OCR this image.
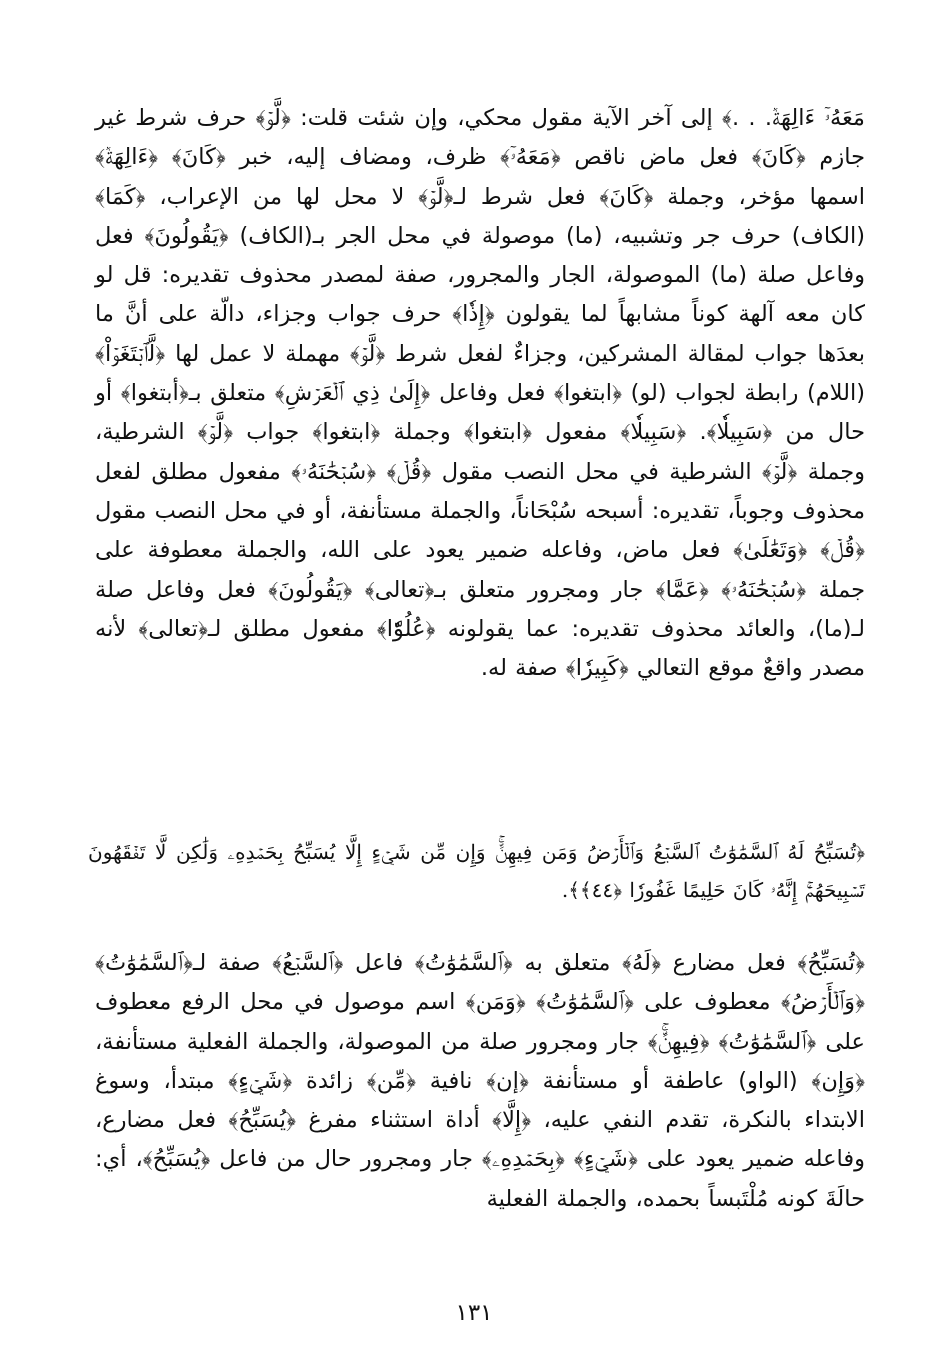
مَعَهُۥٓ ءَالِهَةٞ. . .﴾ إلى آخر الآية مقول محكي، وإن شئت قلت: ﴿لَّوۡ﴾ حرف شرط غير جازم ﴿كَانَ﴾ فعل ماض ناقص ﴿مَعَهُۥٓ﴾ ظرف، ومضاف إليه، خبر ﴿كَانَ﴾ ﴿ءَالِهَةٞ﴾ اسمها مؤخر، وجملة ﴿كَانَ﴾ فعل شرط لـ﴿لَّوۡ﴾ لا محل لها من الإعراب، ﴿كَمَا﴾ (الكاف) حرف جر وتشبيه، (ما) موصولة في محل الجر بـ(الكاف) ﴿يَقُولُونَ﴾ فعل وفاعل صلة (ما) الموصولة، الجار والمجرور، صفة لمصدر محذوف تقديره: قل لو كان معه آلهة كوناً مشابهاً لما يقولون ﴿إِذٗا﴾ حرف جواب وجزاء، دالّة على أنَّ ما بعدَها جواب لمقالة المشركين، وجزاءٌ لفعل شرط ﴿لَّوۡ﴾ مهملة لا عمل لها ﴿لَّٱبۡتَغَوۡاْ﴾ (اللام) رابطة لجواب (لو) ﴿ابتغوا﴾ فعل وفاعل ﴿إِلَىٰ ذِي ٱلۡعَرۡشِ﴾ متعلق بـ﴿أبتغوا﴾ أو حال من ﴿سَبِيلٗا﴾. ﴿سَبِيلٗا﴾ مفعول ﴿ابتغوا﴾ وجملة ﴿ابتغوا﴾ جواب ﴿لَّوۡ﴾ الشرطية، وجملة ﴿لَّوۡ﴾ الشرطية في محل النصب مقول ﴿قُلۡ﴾ ﴿سُبۡحَٰنَهُۥ﴾ مفعول مطلق لفعل محذوف وجوباً، تقديره: أسبحه سُبْحَاناً، والجملة مستأنفة، أو في محل النصب مقول ﴿قُلۡ﴾ ﴿وَتَعَٰلَىٰ﴾ فعل ماض، وفاعله ضمير يعود على الله، والجملة معطوفة على جملة ﴿سُبۡحَٰنَهُۥ﴾ ﴿عَمَّا﴾ جار ومجرور متعلق بـ﴿تعالى﴾ ﴿يَقُولُونَ﴾ فعل وفاعل صلة لـ(ما)، والعائد محذوف تقديره: عما يقولونه ﴿عُلُوّٗا﴾ مفعول مطلق لـ﴿تعالى﴾ لأنه مصدر واقعٌ موقع التعالي ﴿كَبِيرٗا﴾ صفة له.
﴿تُسَبِّحُ لَهُ ٱلسَّمَٰوَٰتُ ٱلسَّبۡعُ وَٱلۡأَرۡضُ وَمَن فِيهِنَّۚ وَإِن مِّن شَيۡءٍ إِلَّا يُسَبِّحُ بِحَمۡدِهِۦ وَلَٰكِن لَّا تَفۡقَهُونَ تَسۡبِيحَهُمۡۚ إِنَّهُۥ كَانَ حَلِيمًا غَفُورٗا ﴿٤٤﴾﴾.
﴿تُسَبِّحُ﴾ فعل مضارع ﴿لَهُ﴾ متعلق به ﴿ٱلسَّمَٰوَٰتُ﴾ فاعل ﴿ٱلسَّبۡعُ﴾ صفة لـ﴿ٱلسَّمَٰوَٰتُ﴾ ﴿وَٱلۡأَرۡضُ﴾ معطوف على ﴿ٱلسَّمَٰوَٰتُ﴾ ﴿وَمَن﴾ اسم موصول في محل الرفع معطوف على ﴿ٱلسَّمَٰوَٰتُ﴾ ﴿فِيهِنَّۚ﴾ جار ومجرور صلة من الموصولة، والجملة الفعلية مستأنفة، ﴿وَإِن﴾ (الواو) عاطفة أو مستأنفة ﴿إن﴾ نافية ﴿مِّن﴾ زائدة ﴿شَيۡءٍ﴾ مبتدأ، وسوغ الابتداء بالنكرة، تقدم النفي عليه، ﴿إِلَّا﴾ أداة استثناء مفرغ ﴿يُسَبِّحُ﴾ فعل مضارع، وفاعله ضمير يعود على ﴿شَيۡءٍ﴾ ﴿بِحَمۡدِهِۦ﴾ جار ومجرور حال من فاعل ﴿يُسَبِّحُ﴾، أي: حالَةَ كونه مُلْتَبساً بحمده، والجملة الفعلية
١٣١
